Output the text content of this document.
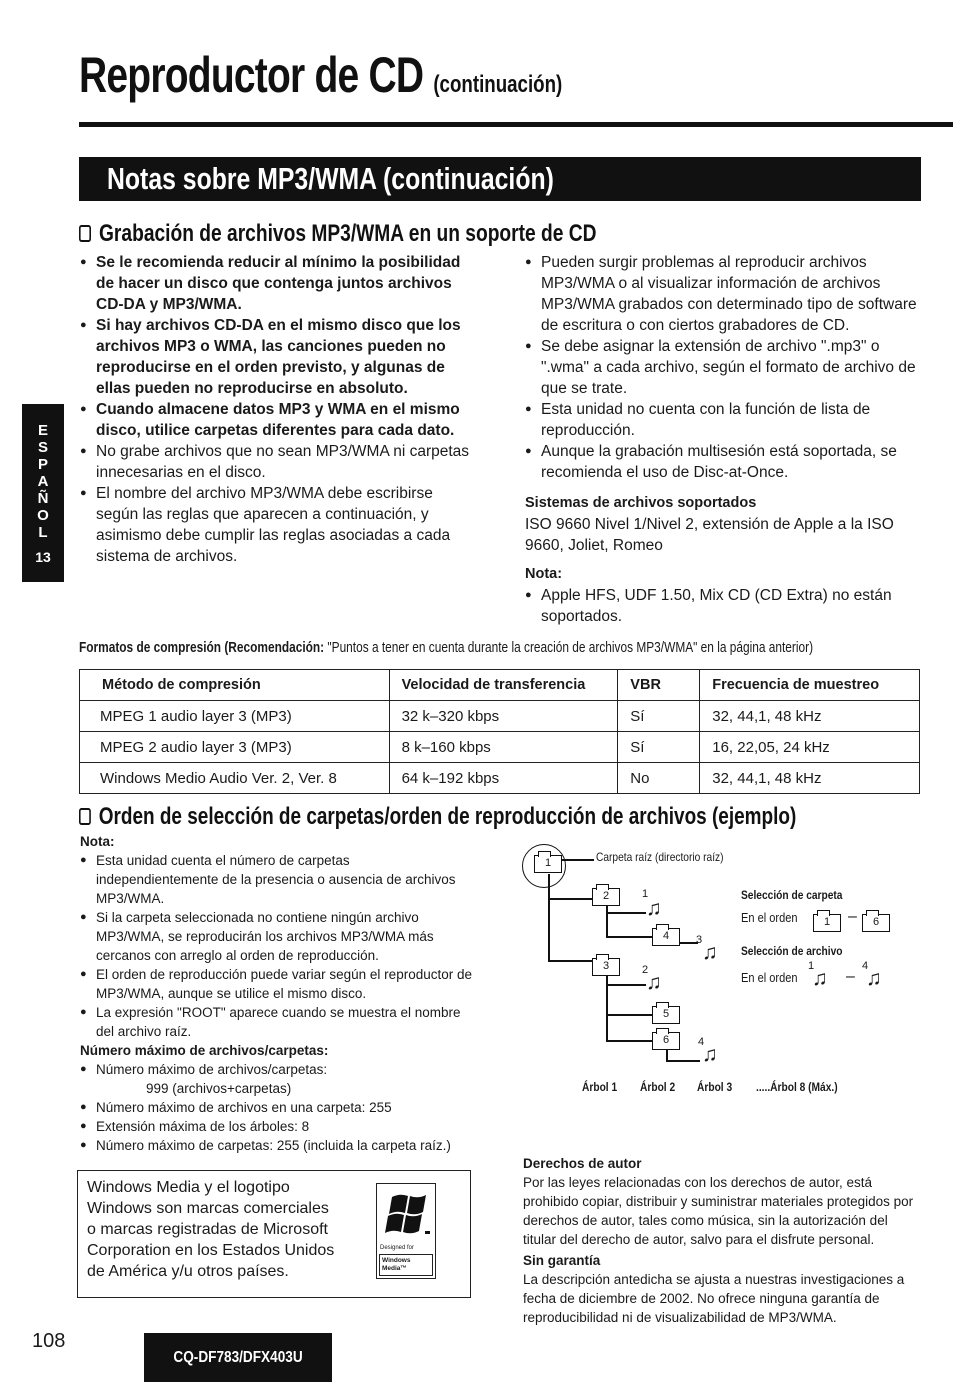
Reproductor de CD (continuación)
Notas sobre MP3/WMA (continuación)
Grabación de archivos MP3/WMA en un soporte de CD
E
S
P
A
Ñ
O
L
13
● Se le recomienda reducir al mínimo la posibilidad de hacer un disco que contenga juntos archivos CD-DA y MP3/WMA.
● Si hay archivos CD-DA en el mismo disco que los archivos MP3 o WMA, las canciones pueden no reproducirse en el orden previsto, y algunas de ellas pueden no reproducirse en absoluto.
● Cuando almacene datos MP3 y WMA en el mismo disco, utilice carpetas diferentes para cada dato.
● No grabe archivos que no sean MP3/WMA ni carpetas innecesarias en el disco.
● El nombre del archivo MP3/WMA debe escribirse según las reglas que aparecen a continuación, y asimismo debe cumplir las reglas asociadas a cada sistema de archivos.
● Pueden surgir problemas al reproducir archivos MP3/WMA o al visualizar información de archivos MP3/WMA grabados con determinado tipo de software de escritura o con ciertos grabadores de CD.
● Se debe asignar la extensión de archivo ".mp3" o ".wma" a cada archivo, según el formato de archivo de que se trate.
● Esta unidad no cuenta con la función de lista de reproducción.
● Aunque la grabación multisesión está soportada, se recomienda el uso de Disc-at-Once.
Sistemas de archivos soportados
ISO 9660 Nivel 1/Nivel 2, extensión de Apple a la ISO 9660, Joliet, Romeo
Nota:
● Apple HFS, UDF 1.50, Mix CD (CD Extra) no están soportados.
Formatos de compresión (Recomendación: "Puntos a tener en cuenta durante la creación de archivos MP3/WMA" en la página anterior)
Método de compresión	Velocidad de transferencia	VBR	Frecuencia de muestreo
MPEG 1 audio layer 3 (MP3)	32 k–320 kbps	Sí	32, 44,1, 48 kHz
MPEG 2 audio layer 3 (MP3)	8 k–160 kbps	Sí	16, 22,05, 24 kHz
Windows Medio Audio Ver. 2, Ver. 8	64 k–192 kbps	No	32, 44,1, 48 kHz
Orden de selección de carpetas/orden de reproducción de archivos (ejemplo)
Nota:
● Esta unidad cuenta el número de carpetas independientemente de la presencia o ausencia de archivos MP3/WMA.
● Si la carpeta seleccionada no contiene ningún archivo MP3/WMA, se reproducirán los archivos MP3/WMA más cercanos con arreglo al orden de reproducción.
● El orden de reproducción puede variar según el reproductor de MP3/WMA, aunque se utilice el mismo disco.
● La expresión "ROOT" aparece cuando se muestra el nombre del archivo raíz.
Número máximo de archivos/carpetas:
● Número máximo de archivos/carpetas:
999 (archivos+carpetas)
● Número máximo de archivos en una carpeta: 255
● Extensión máxima de los árboles: 8
● Número máximo de carpetas: 255 (incluida la carpeta raíz.)
Windows Media y el logotipo Windows son marcas comerciales o marcas registradas de Microsoft Corporation en los Estados Unidos de América y/u otros países.
Designed for
Windows
Media™
1	Carpeta raíz (directorio raíz)
2	1
♫
4	3
♫
3	2
♫
5
6	4
♫
Selección de carpeta
En el orden	1	–	6
Selección de archivo
En el orden
1
♫ –
4
♫
Árbol 1	Árbol 2	Árbol 3	.....Árbol 8 (Máx.)
Derechos de autor
Por las leyes relacionadas con los derechos de autor, está prohibido copiar, distribuir y suministrar materiales protegidos por derechos de autor, tales como música, sin la autorización del titular del derecho de autor, salvo para el disfrute personal.
Sin garantía
La descripción antedicha se ajusta a nuestras investigaciones a fecha de diciembre de 2002. No ofrece ninguna garantía de reproducibilidad ni de visualizabilidad de MP3/WMA.
108
CQ-DF783/DFX403U
